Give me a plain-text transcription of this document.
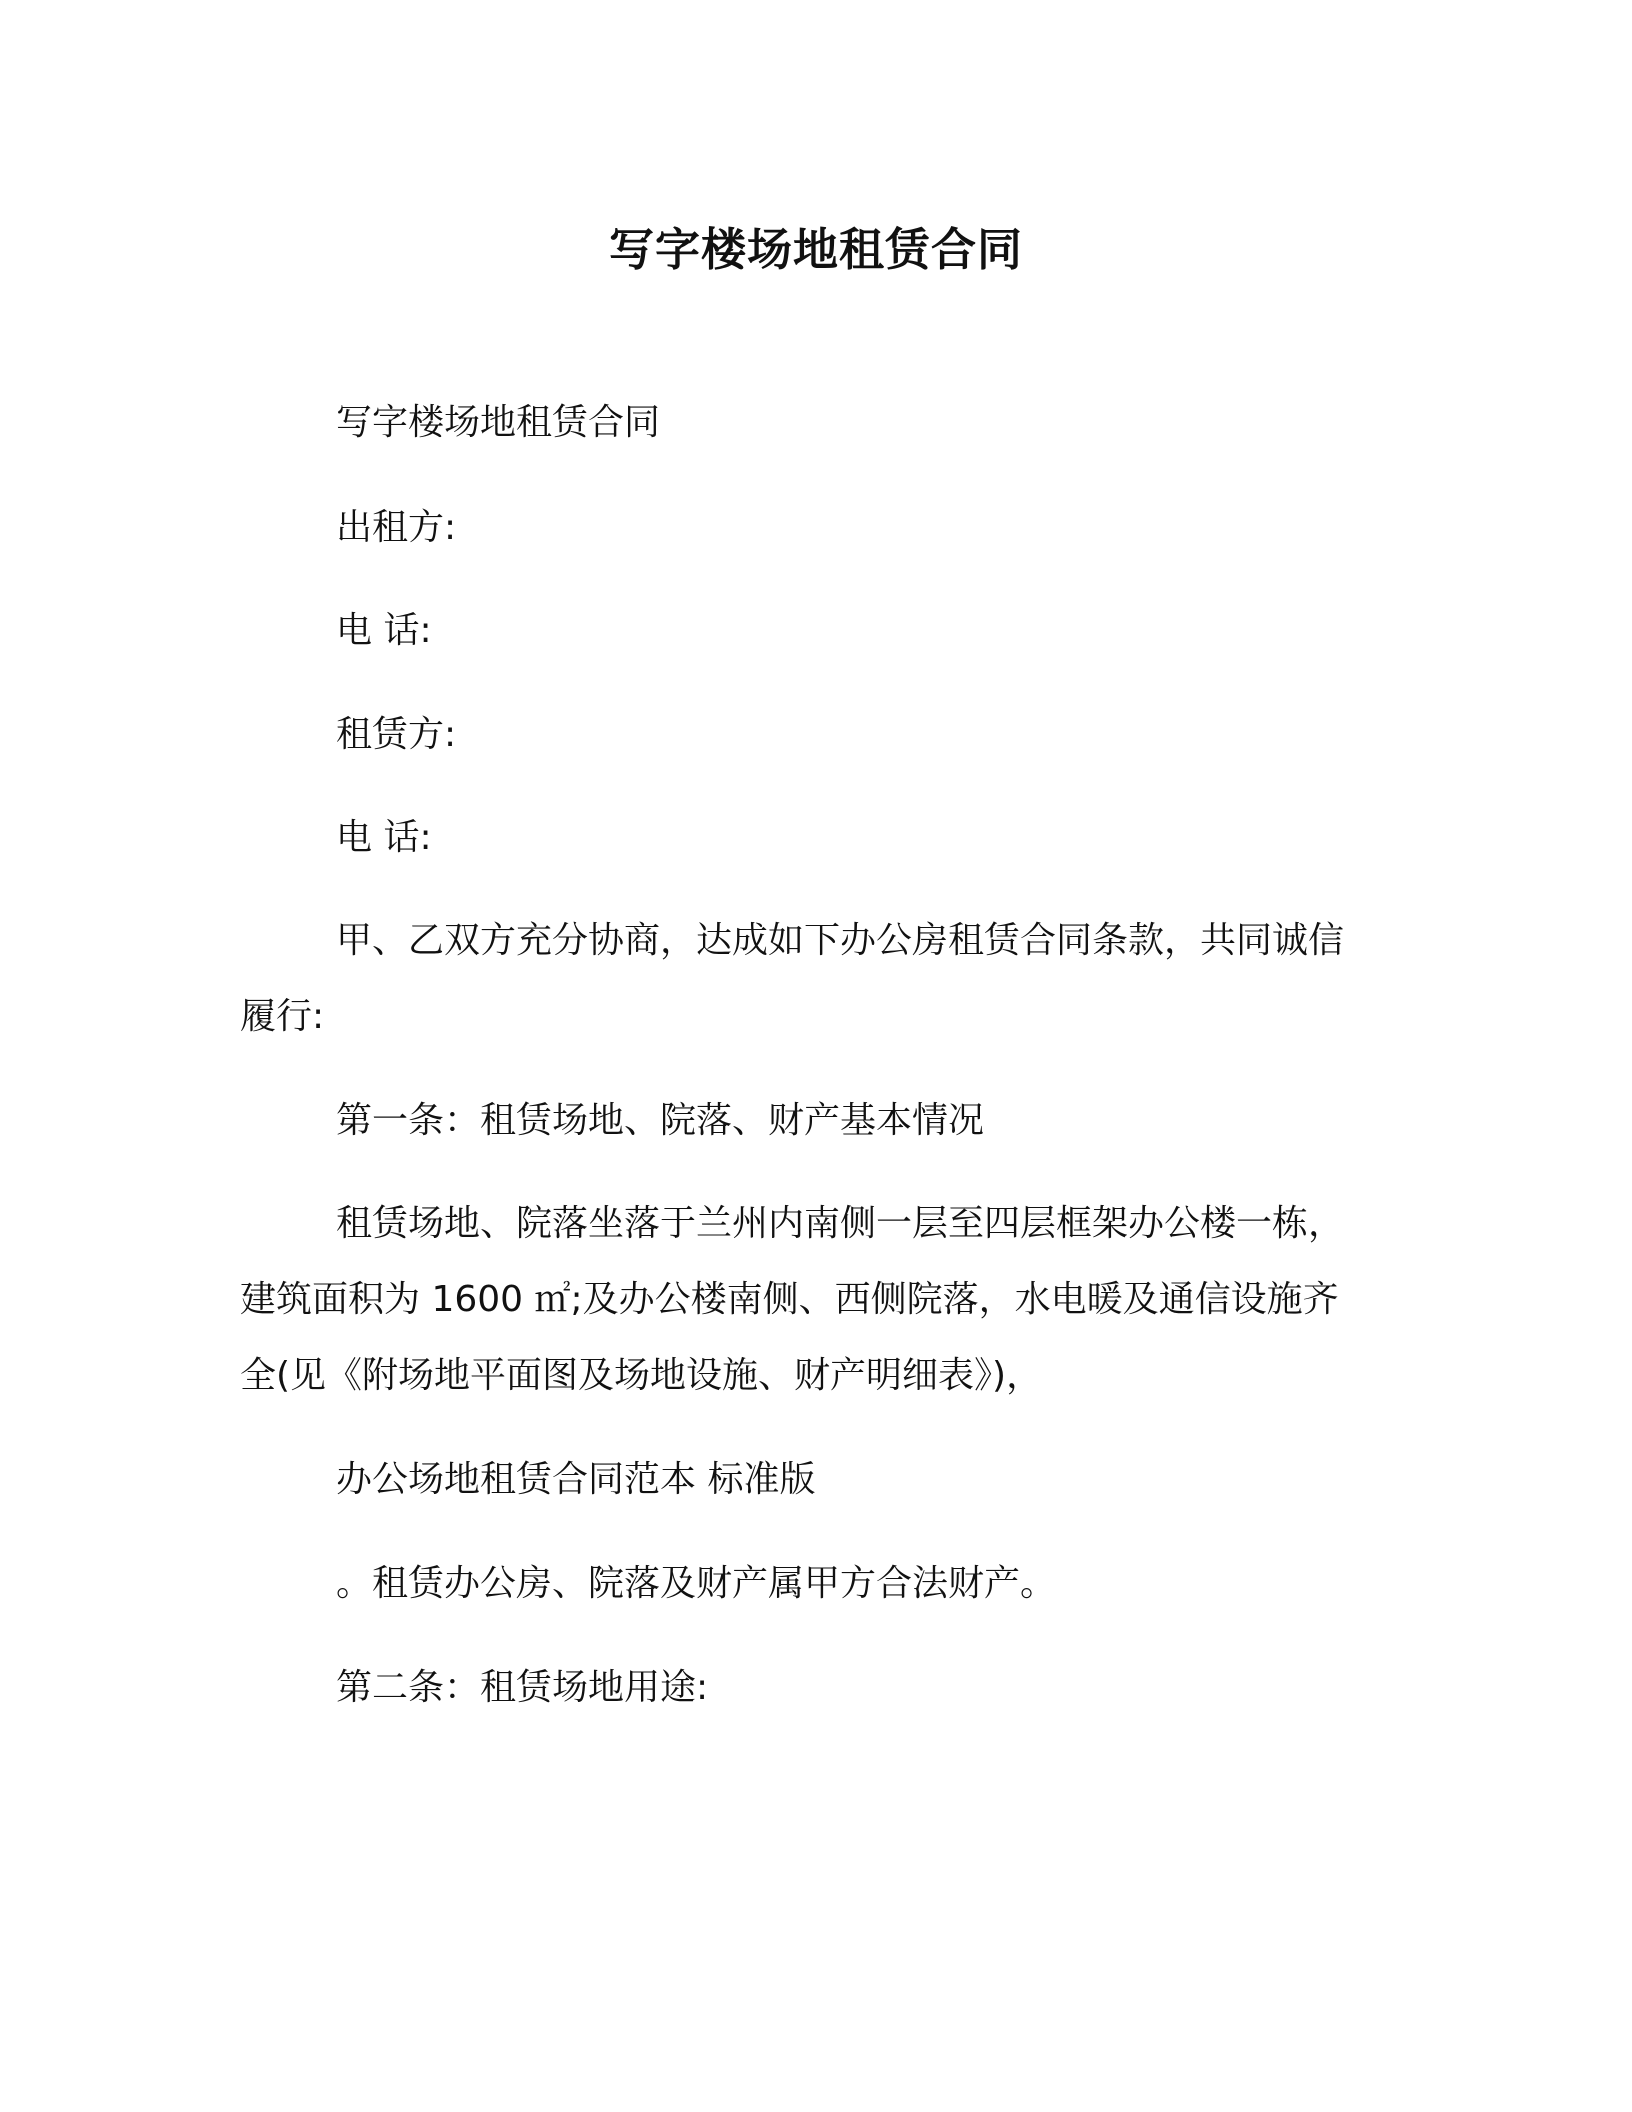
写字楼场地租赁合同
写字楼场地租赁合同
出租方:
电 话:
租赁方:
电 话:
甲、乙双方充分协商，达成如下办公房租赁合同条款，共同诚信
履行:
第一条：租赁场地、院落、财产基本情况
租赁场地、院落坐落于兰州内南侧一层至四层框架办公楼一栋，
建筑面积为 1600 ㎡;及办公楼南侧、西侧院落，水电暖及通信设施齐
全(见《附场地平面图及场地设施、财产明细表》)，
办公场地租赁合同范本 标准版
。租赁办公房、院落及财产属甲方合法财产。
第二条：租赁场地用途:
